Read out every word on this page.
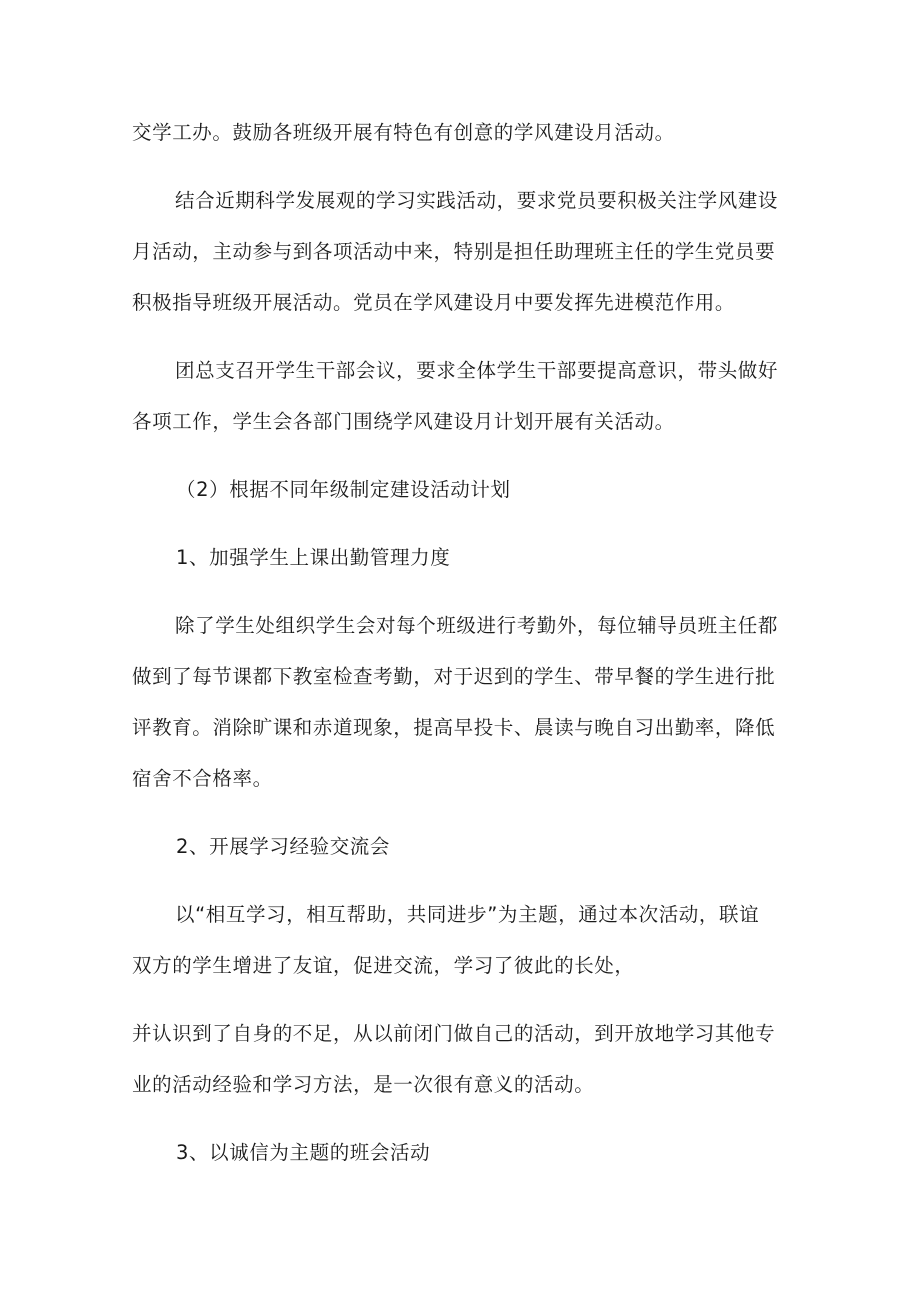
交学工办。鼓励各班级开展有特色有创意的学风建设月活动。
结合近期科学发展观的学习实践活动，要求党员要积极关注学风建设
月活动，主动参与到各项活动中来，特别是担任助理班主任的学生党员要
积极指导班级开展活动。党员在学风建设月中要发挥先进模范作用。
团总支召开学生干部会议，要求全体学生干部要提高意识，带头做好
各项工作，学生会各部门围绕学风建设月计划开展有关活动。
（2）根据不同年级制定建设活动计划
1、加强学生上课出勤管理力度
除了学生处组织学生会对每个班级进行考勤外，每位辅导员班主任都
做到了每节课都下教室检查考勤，对于迟到的学生、带早餐的学生进行批
评教育。消除旷课和赤道现象，提高早投卡、晨读与晚自习出勤率，降低
宿舍不合格率。
2、开展学习经验交流会
以“相互学习，相互帮助，共同进步”为主题，通过本次活动，联谊
双方的学生增进了友谊，促进交流，学习了彼此的长处，
并认识到了自身的不足，从以前闭门做自己的活动，到开放地学习其他专
业的活动经验和学习方法，是一次很有意义的活动。
3、以诚信为主题的班会活动
